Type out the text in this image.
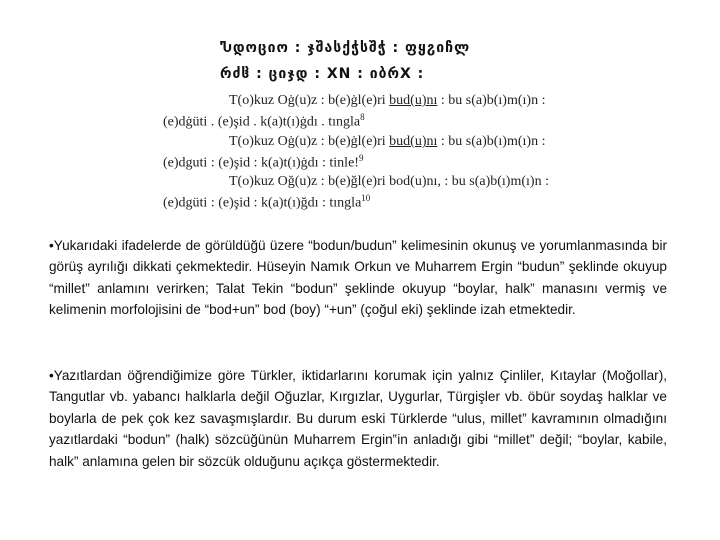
Ⴠდოციო : ჯშასქჭსშჭ : ფყჷიჩლ
რძჱ : ციჯდ : XN : იბრX :
T(o)kuz Oġ(u)z : b(e)ġl(e)ri bud(u)nı : bu s(a)b(ı)m(ı)n :
(e)dġüti . (e)şid . k(a)t(ı)ġdı . tıngla$^8$
T(o)kuz Oġ(u)z : b(e)ġl(e)ri bud(u)nı : bu s(a)b(ı)m(ı)n :
(e)dguti : (e)şid : k(a)t(ı)ġdı : tinle!$^9$
T(o)kuz Oğ(u)z : b(e)ğl(e)ri bod(u)nı, : bu s(a)b(ı)m(ı)n :
(e)dgüti : (e)şid : k(a)t(ı)ğdı : tıngla$^{10}$
•Yukarıdaki ifadelerde de görüldüğü üzere “bodun/budun” kelimesinin okunuş ve yorumlanmasında bir görüş ayrılığı dikkati çekmektedir. Hüseyin Namık Orkun ve Muharrem Ergin “budun” şeklinde okuyup “millet” anlamını verirken; Talat Tekin “bodun” şeklinde okuyup “boylar, halk” manasını vermiş ve kelimenin morfolojisini de “bod+un” bod (boy) “+un” (çoğul eki) şeklinde izah etmektedir.
•Yazıtlardan öğrendiğimize göre Türkler, iktidarlarını korumak için yalnız Çinliler, Kıtaylar (Moğollar), Tangutlar vb. yabancı halklarla değil Oğuzlar, Kırgızlar, Uygurlar, Türgişler vb. öbür soydaş halklar ve boylarla de pek çok kez savaşmışlardır. Bu durum eski Türklerde “ulus, millet” kavramının olmadığını yazıtlardaki “bodun” (halk) sözcüğünün Muharrem Ergin‟in anladığı gibi “millet” değil; “boylar, kabile, halk” anlamına gelen bir sözcük olduğunu açıkça göstermektedir.
